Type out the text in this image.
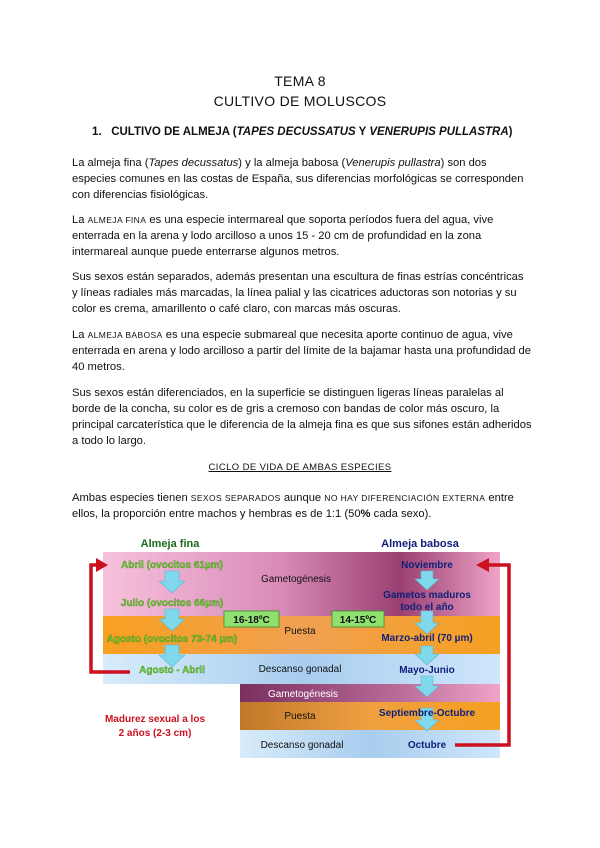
TEMA 8
CULTIVO DE MOLUSCOS
1. CULTIVO DE ALMEJA (TAPES DECUSSATUS Y VENERUPIS PULLASTRA)

La almeja fina (Tapes decussatus) y la almeja babosa (Venerupis pullastra) son dos especies comunes en las costas de España, sus diferencias morfológicas se corresponden con diferencias fisiológicas.

La ALMEJA FINA es una especie intermareal que soporta períodos fuera del agua, vive enterrada en la arena y lodo arcilloso a unos 15 - 20 cm de profundidad en la zona intermareal aunque puede enterrarse algunos metros.

Sus sexos están separados, además presentan una escultura de finas estrías concéntricas y líneas radiales más marcadas, la línea palial y las cicatrices aductoras son notorias y su color es crema, amarillento o café claro, con marcas más oscuras.

La ALMEJA BABOSA es una especie submareal que necesita aporte continuo de agua, vive enterrada en arena y lodo arcilloso a partir del límite de la bajamar hasta una profundidad de 40 metros.

Sus sexos están diferenciados, en la superficie se distinguen ligeras líneas paralelas al borde de la concha, su color es de gris a cremoso con bandas de color más oscuro, la principal carcaterística que le diferencia de la almeja fina es que sus sifones están adheridos a todo lo largo.

CICLO DE VIDA DE AMBAS ESPECIES

Ambas especies tienen SEXOS SEPARADOS aunque NO HAY DIFERENCIACIÓN EXTERNA entre ellos, la proporción entre machos y hembras es de 1:1 (50% cada sexo).

Almeja fina	Almeja babosa
Abril (ovocitos 61µm)
Julio (ovocitos 66µm)
Agosto (ovocitos 73-74 µm)
Agosto - Abril
Noviembre
Gametos maduros
todo el año
Marzo-abril (70 µm)
Mayo-Junio
Septiembre-Octubre
Octubre
16-18ºC	14-15ºC
Gametogénesis
Puesta
Descanso gonadal
Gametogénesis
Puesta
Descanso gonadal
Madurez sexual a los
2 años (2-3 cm)
